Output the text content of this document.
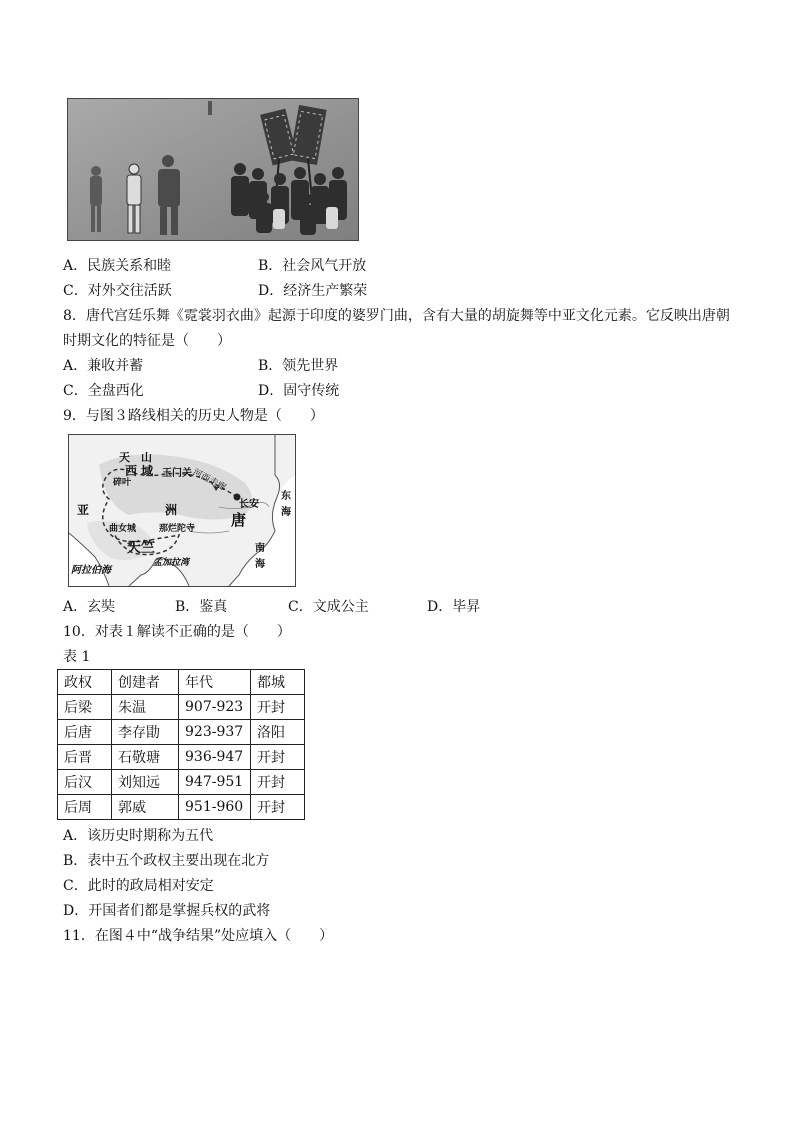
A．民族关系和睦	B．社会风气开放
C．对外交往活跃	D．经济生产繁荣
8．唐代宫廷乐舞《霓裳羽衣曲》起源于印度的婆罗门曲，含有大量的胡旋舞等中亚文化元素。它反映出唐朝
时期文化的特征是（　　）
A．兼收并蓄	B．领先世界
C．全盘西化	D．固守传统
9．与图３路线相关的历史人物是（　　）
天　山
西 域 玉门关
河西走廊
碎叶
长安
东
海
亚	洲
唐
曲女城	那烂陀寺
天竺
孟加拉湾
南
海
阿拉伯海
A．玄奘	B．鉴真	C．文成公主	D．毕昇
10．对表１解读不正确的是（　　）
表 1
政权	创建者	年代	都城
后梁	朱温	907-923	开封
后唐	李存勖	923-937	洛阳
后晋	石敬瑭	936-947	开封
后汉	刘知远	947-951	开封
后周	郭威	951-960	开封
A．该历史时期称为五代
B．表中五个政权主要出现在北方
C．此时的政局相对安定
D．开国者们都是掌握兵权的武将
11．在图４中“战争结果”处应填入（　　）
